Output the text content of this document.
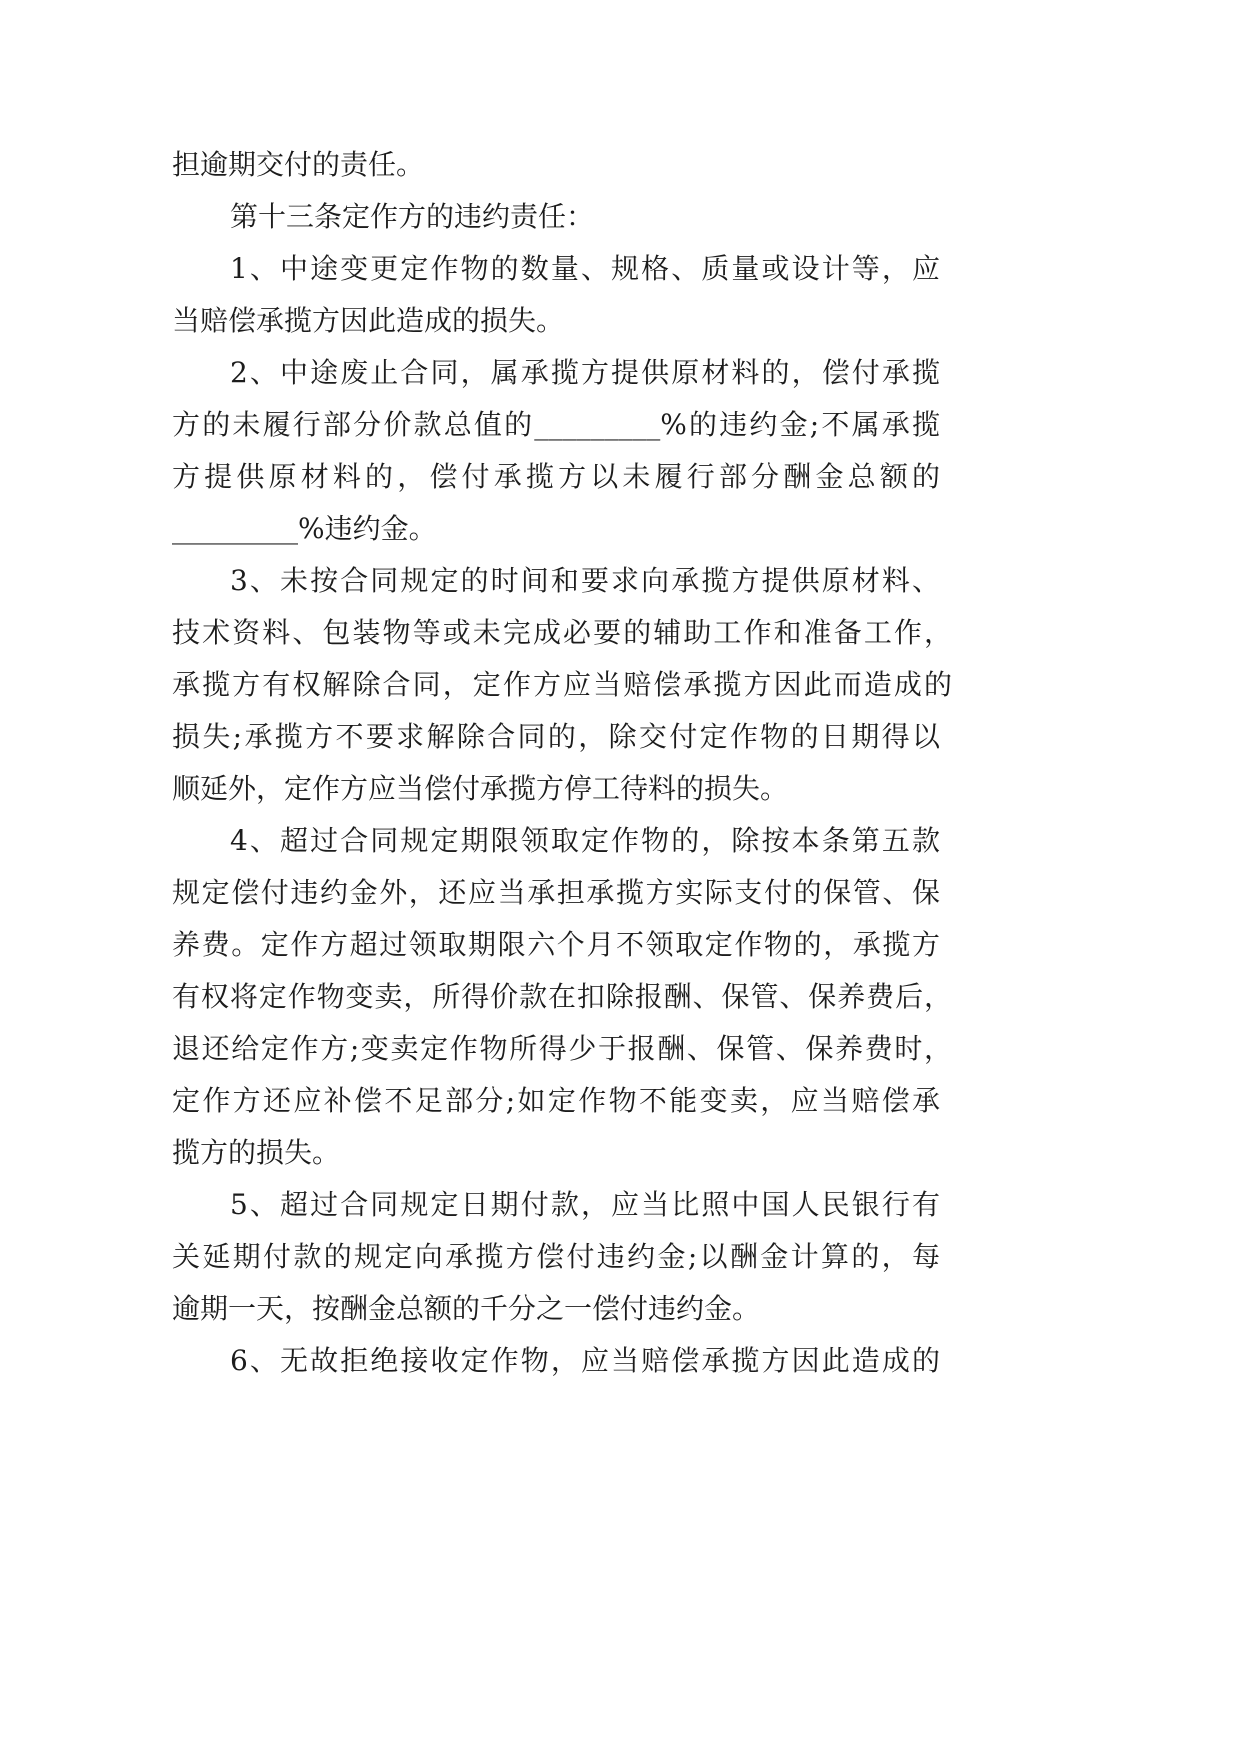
担逾期交付的责任。
第十三条定作方的违约责任：
1、中途变更定作物的数量、规格、质量或设计等，应
当赔偿承揽方因此造成的损失。
2、中途废止合同，属承揽方提供原材料的，偿付承揽
方的未履行部分价款总值的_________%的违约金;不属承揽
方提供原材料的，偿付承揽方以未履行部分酬金总额的
_________%违约金。
3、未按合同规定的时间和要求向承揽方提供原材料、
技术资料、包装物等或未完成必要的辅助工作和准备工作，
承揽方有权解除合同，定作方应当赔偿承揽方因此而造成的
损失;承揽方不要求解除合同的，除交付定作物的日期得以
顺延外，定作方应当偿付承揽方停工待料的损失。
4、超过合同规定期限领取定作物的，除按本条第五款
规定偿付违约金外，还应当承担承揽方实际支付的保管、保
养费。定作方超过领取期限六个月不领取定作物的，承揽方
有权将定作物变卖，所得价款在扣除报酬、保管、保养费后，
退还给定作方;变卖定作物所得少于报酬、保管、保养费时，
定作方还应补偿不足部分;如定作物不能变卖，应当赔偿承
揽方的损失。
5、超过合同规定日期付款，应当比照中国人民银行有
关延期付款的规定向承揽方偿付违约金;以酬金计算的，每
逾期一天，按酬金总额的千分之一偿付违约金。
6、无故拒绝接收定作物，应当赔偿承揽方因此造成的
